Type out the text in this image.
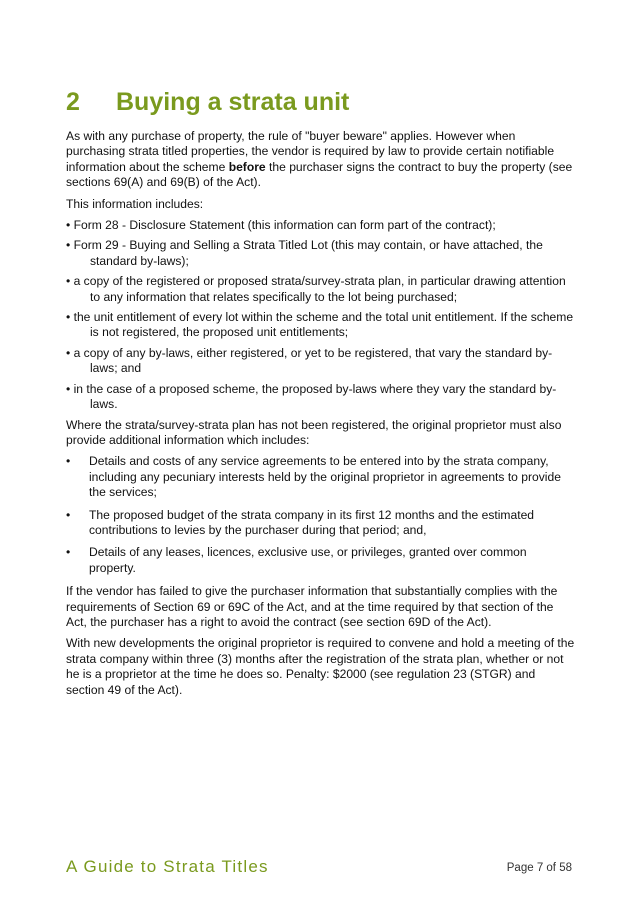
2 Buying a strata unit

As with any purchase of property, the rule of "buyer beware" applies. However when purchasing strata titled properties, the vendor is required by law to provide certain notifiable information about the scheme before the purchaser signs the contract to buy the property (see sections 69(A) and 69(B) of the Act).

This information includes:

• Form 28 - Disclosure Statement (this information can form part of the contract);
• Form 29 - Buying and Selling a Strata Titled Lot (this may contain, or have attached, the standard by-laws);
• a copy of the registered or proposed strata/survey-strata plan, in particular drawing attention to any information that relates specifically to the lot being purchased;
• the unit entitlement of every lot within the scheme and the total unit entitlement. If the scheme is not registered, the proposed unit entitlements;
• a copy of any by-laws, either registered, or yet to be registered, that vary the standard by-laws; and
• in the case of a proposed scheme, the proposed by-laws where they vary the standard by-laws.

Where the strata/survey-strata plan has not been registered, the original proprietor must also provide additional information which includes:

• Details and costs of any service agreements to be entered into by the strata company, including any pecuniary interests held by the original proprietor in agreements to provide the services;
• The proposed budget of the strata company in its first 12 months and the estimated contributions to levies by the purchaser during that period; and,
• Details of any leases, licences, exclusive use, or privileges, granted over common property.

If the vendor has failed to give the purchaser information that substantially complies with the requirements of Section 69 or 69C of the Act, and at the time required by that section of the Act, the purchaser has a right to avoid the contract (see section 69D of the Act).

With new developments the original proprietor is required to convene and hold a meeting of the strata company within three (3) months after the registration of the strata plan, whether or not he is a proprietor at the time he does so. Penalty: $2000 (see regulation 23 (STGR) and section 49 of the Act).

A Guide to Strata Titles	Page 7 of 58
